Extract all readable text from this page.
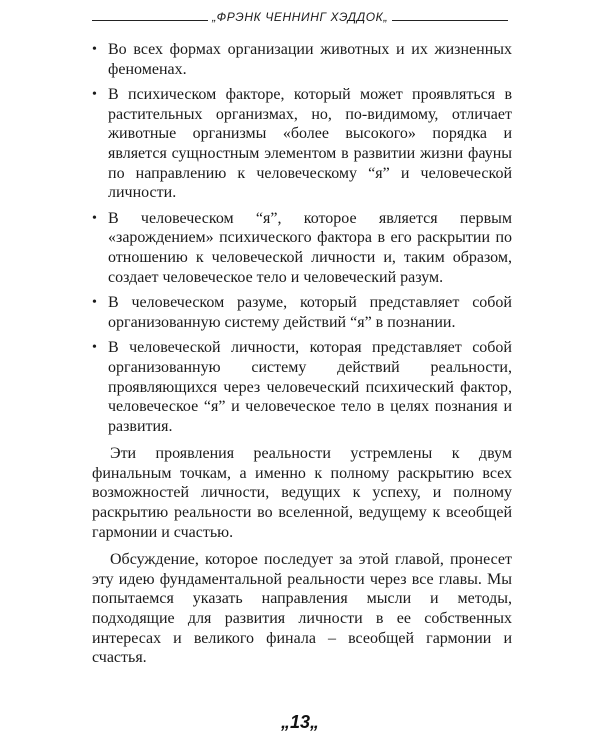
„ФРЭНК ЧЕННИНГ ХЭДДОК„
• Во всех формах организации животных и их жизненных феноменах.
• В психическом факторе, который может проявляться в растительных организмах, но, по-видимому, отличает животные организмы «более высокого» порядка и является сущностным элементом в развитии жизни фауны по направлению к человеческому “я” и человеческой личности.
• В человеческом “я”, которое является первым «зарождением» психического фактора в его раскрытии по отношению к человеческой личности и, таким образом, создает человеческое тело и человеческий разум.
• В человеческом разуме, который представляет собой организованную систему действий “я” в познании.
• В человеческой личности, которая представляет собой организованную систему действий реальности, проявляющихся через человеческий психический фактор, человеческое “я” и человеческое тело в целях познания и развития.

Эти проявления реальности устремлены к двум финальным точкам, а именно к полному раскрытию всех возможностей личности, ведущих к успеху, и полному раскрытию реальности во вселенной, ведущему к всеобщей гармонии и счастью.

Обсуждение, которое последует за этой главой, пронесет эту идею фундаментальной реальности через все главы. Мы попытаемся указать направления мысли и методы, подходящие для развития личности в ее собственных интересах и великого финала – всеобщей гармонии и счастья.

„13„
